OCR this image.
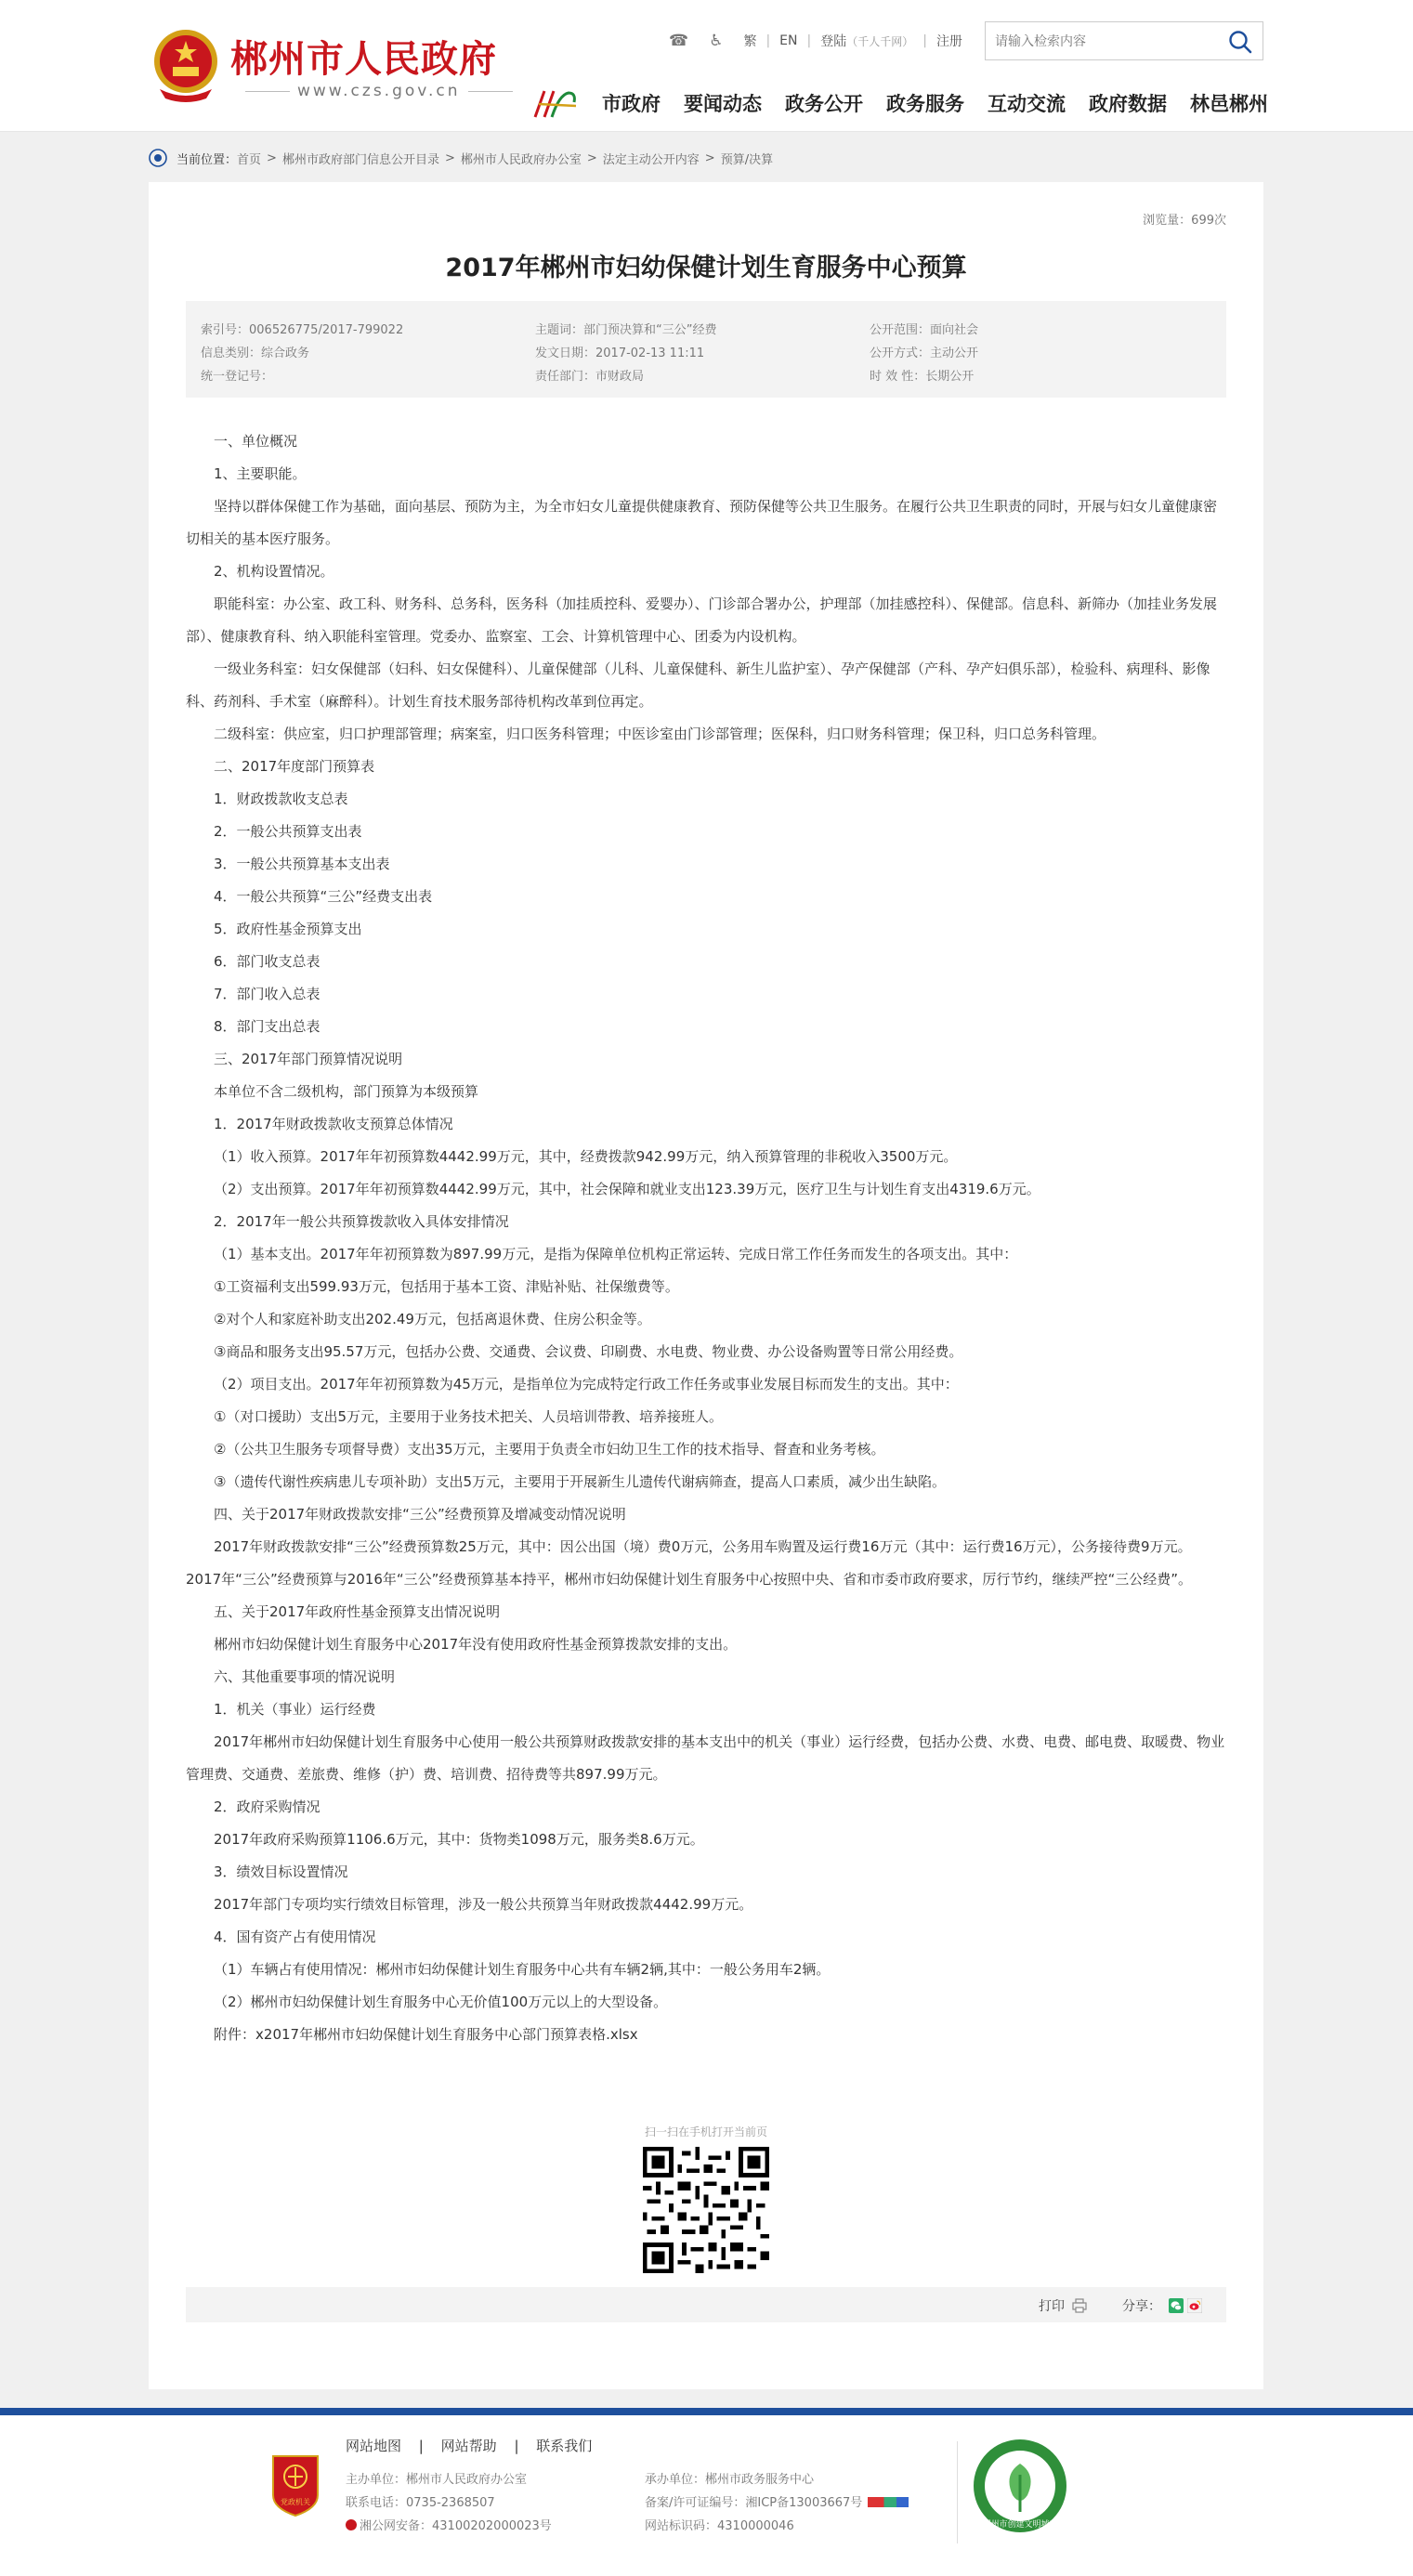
郴州市人民政府
www.czs.gov.cn
☎ ♿ 繁 | EN | 登陆 （千人千网） | 注册
请输入检索内容
市政府 要闻动态 政务公开 政务服务 互动交流 政府数据 林邑郴州
当前位置： 首页 > 郴州市政府部门信息公开目录 > 郴州市人民政府办公室 > 法定主动公开内容 > 预算/决算
浏览量：699次
2017年郴州市妇幼保健计划生育服务中心预算
索引号：006526775/2017-799022	主题词：部门预决算和“三公”经费	公开范围：面向社会
信息类别：综合政务	发文日期：2017-02-13 11:11	公开方式：主动公开
统一登记号：	责任部门：市财政局	时 效 性：长期公开

一、单位概况

1、主要职能。

坚持以群体保健工作为基础，面向基层、预防为主，为全市妇女儿童提供健康教育、预防保健等公共卫生服务。在履行公共卫生职责的同时，开展与妇女儿童健康密切相关的基本医疗服务。

2、机构设置情况。

职能科室：办公室、政工科、财务科、总务科，医务科（加挂质控科、爱婴办）、门诊部合署办公，护理部（加挂感控科）、保健部。信息科、新筛办（加挂业务发展部）、健康教育科、纳入职能科室管理。党委办、监察室、工会、计算机管理中心、团委为内设机构。

一级业务科室：妇女保健部（妇科、妇女保健科）、儿童保健部（儿科、儿童保健科、新生儿监护室）、孕产保健部（产科、孕产妇俱乐部），检验科、病理科、影像科、药剂科、手术室（麻醉科）。计划生育技术服务部待机构改革到位再定。

二级科室：供应室，归口护理部管理；病案室，归口医务科管理；中医诊室由门诊部管理；医保科，归口财务科管理；保卫科，归口总务科管理。

二、2017年度部门预算表

1．财政拨款收支总表

2．一般公共预算支出表

3．一般公共预算基本支出表

4．一般公共预算“三公”经费支出表

5．政府性基金预算支出

6．部门收支总表

7．部门收入总表

8．部门支出总表

三、2017年部门预算情况说明

本单位不含二级机构，部门预算为本级预算

1．2017年财政拨款收支预算总体情况

（1）收入预算。2017年年初预算数4442.99万元，其中，经费拨款942.99万元，纳入预算管理的非税收入3500万元。

（2）支出预算。2017年年初预算数4442.99万元，其中，社会保障和就业支出123.39万元，医疗卫生与计划生育支出4319.6万元。

2．2017年一般公共预算拨款收入具体安排情况

（1）基本支出。2017年年初预算数为897.99万元，是指为保障单位机构正常运转、完成日常工作任务而发生的各项支出。其中：

①工资福利支出599.93万元，包括用于基本工资、津贴补贴、社保缴费等。

②对个人和家庭补助支出202.49万元，包括离退休费、住房公积金等。

③商品和服务支出95.57万元，包括办公费、交通费、会议费、印刷费、水电费、物业费、办公设备购置等日常公用经费。

（2）项目支出。2017年年初预算数为45万元，是指单位为完成特定行政工作任务或事业发展目标而发生的支出。其中：

①（对口援助）支出5万元，主要用于业务技术把关、人员培训带教、培养接班人。

②（公共卫生服务专项督导费）支出35万元，主要用于负责全市妇幼卫生工作的技术指导、督查和业务考核。

③（遗传代谢性疾病患儿专项补助）支出5万元，主要用于开展新生儿遗传代谢病筛查，提高人口素质，减少出生缺陷。

四、关于2017年财政拨款安排“三公”经费预算及增减变动情况说明

2017年财政拨款安排“三公”经费预算数25万元，其中：因公出国（境）费0万元，公务用车购置及运行费16万元（其中：运行费16万元），公务接待费9万元。2017年“三公”经费预算与2016年“三公”经费预算基本持平，郴州市妇幼保健计划生育服务中心按照中央、省和市委市政府要求，厉行节约，继续严控“三公经费”。

五、关于2017年政府性基金预算支出情况说明

郴州市妇幼保健计划生育服务中心2017年没有使用政府性基金预算拨款安排的支出。

六、其他重要事项的情况说明

1．机关（事业）运行经费

2017年郴州市妇幼保健计划生育服务中心使用一般公共预算财政拨款安排的基本支出中的机关（事业）运行经费，包括办公费、水费、电费、邮电费、取暖费、物业管理费、交通费、差旅费、维修（护）费、培训费、招待费等共897.99万元。

2．政府采购情况

2017年政府采购预算1106.6万元，其中：货物类1098万元，服务类8.6万元。

3．绩效目标设置情况

2017年部门专项均实行绩效目标管理，涉及一般公共预算当年财政拨款4442.99万元。

4．国有资产占有使用情况

（1）车辆占有使用情况：郴州市妇幼保健计划生育服务中心共有车辆2辆,其中：一般公务用车2辆。

（2）郴州市妇幼保健计划生育服务中心无价值100万元以上的大型设备。

附件：x2017年郴州市妇幼保健计划生育服务中心部门预算表格.xlsx

扫一扫在手机打开当前页
打印	分享：
党政机关
网站地图 | 网站帮助 | 联系我们
主办单位：郴州市人民政府办公室
联系电话：0735-2368507
湘公网安备：43100202000023号
承办单位：郴州市政务服务中心
备案/许可证编号：湘ICP备13003667号
网站标识码：4310000046	郴州市创建文明城市
